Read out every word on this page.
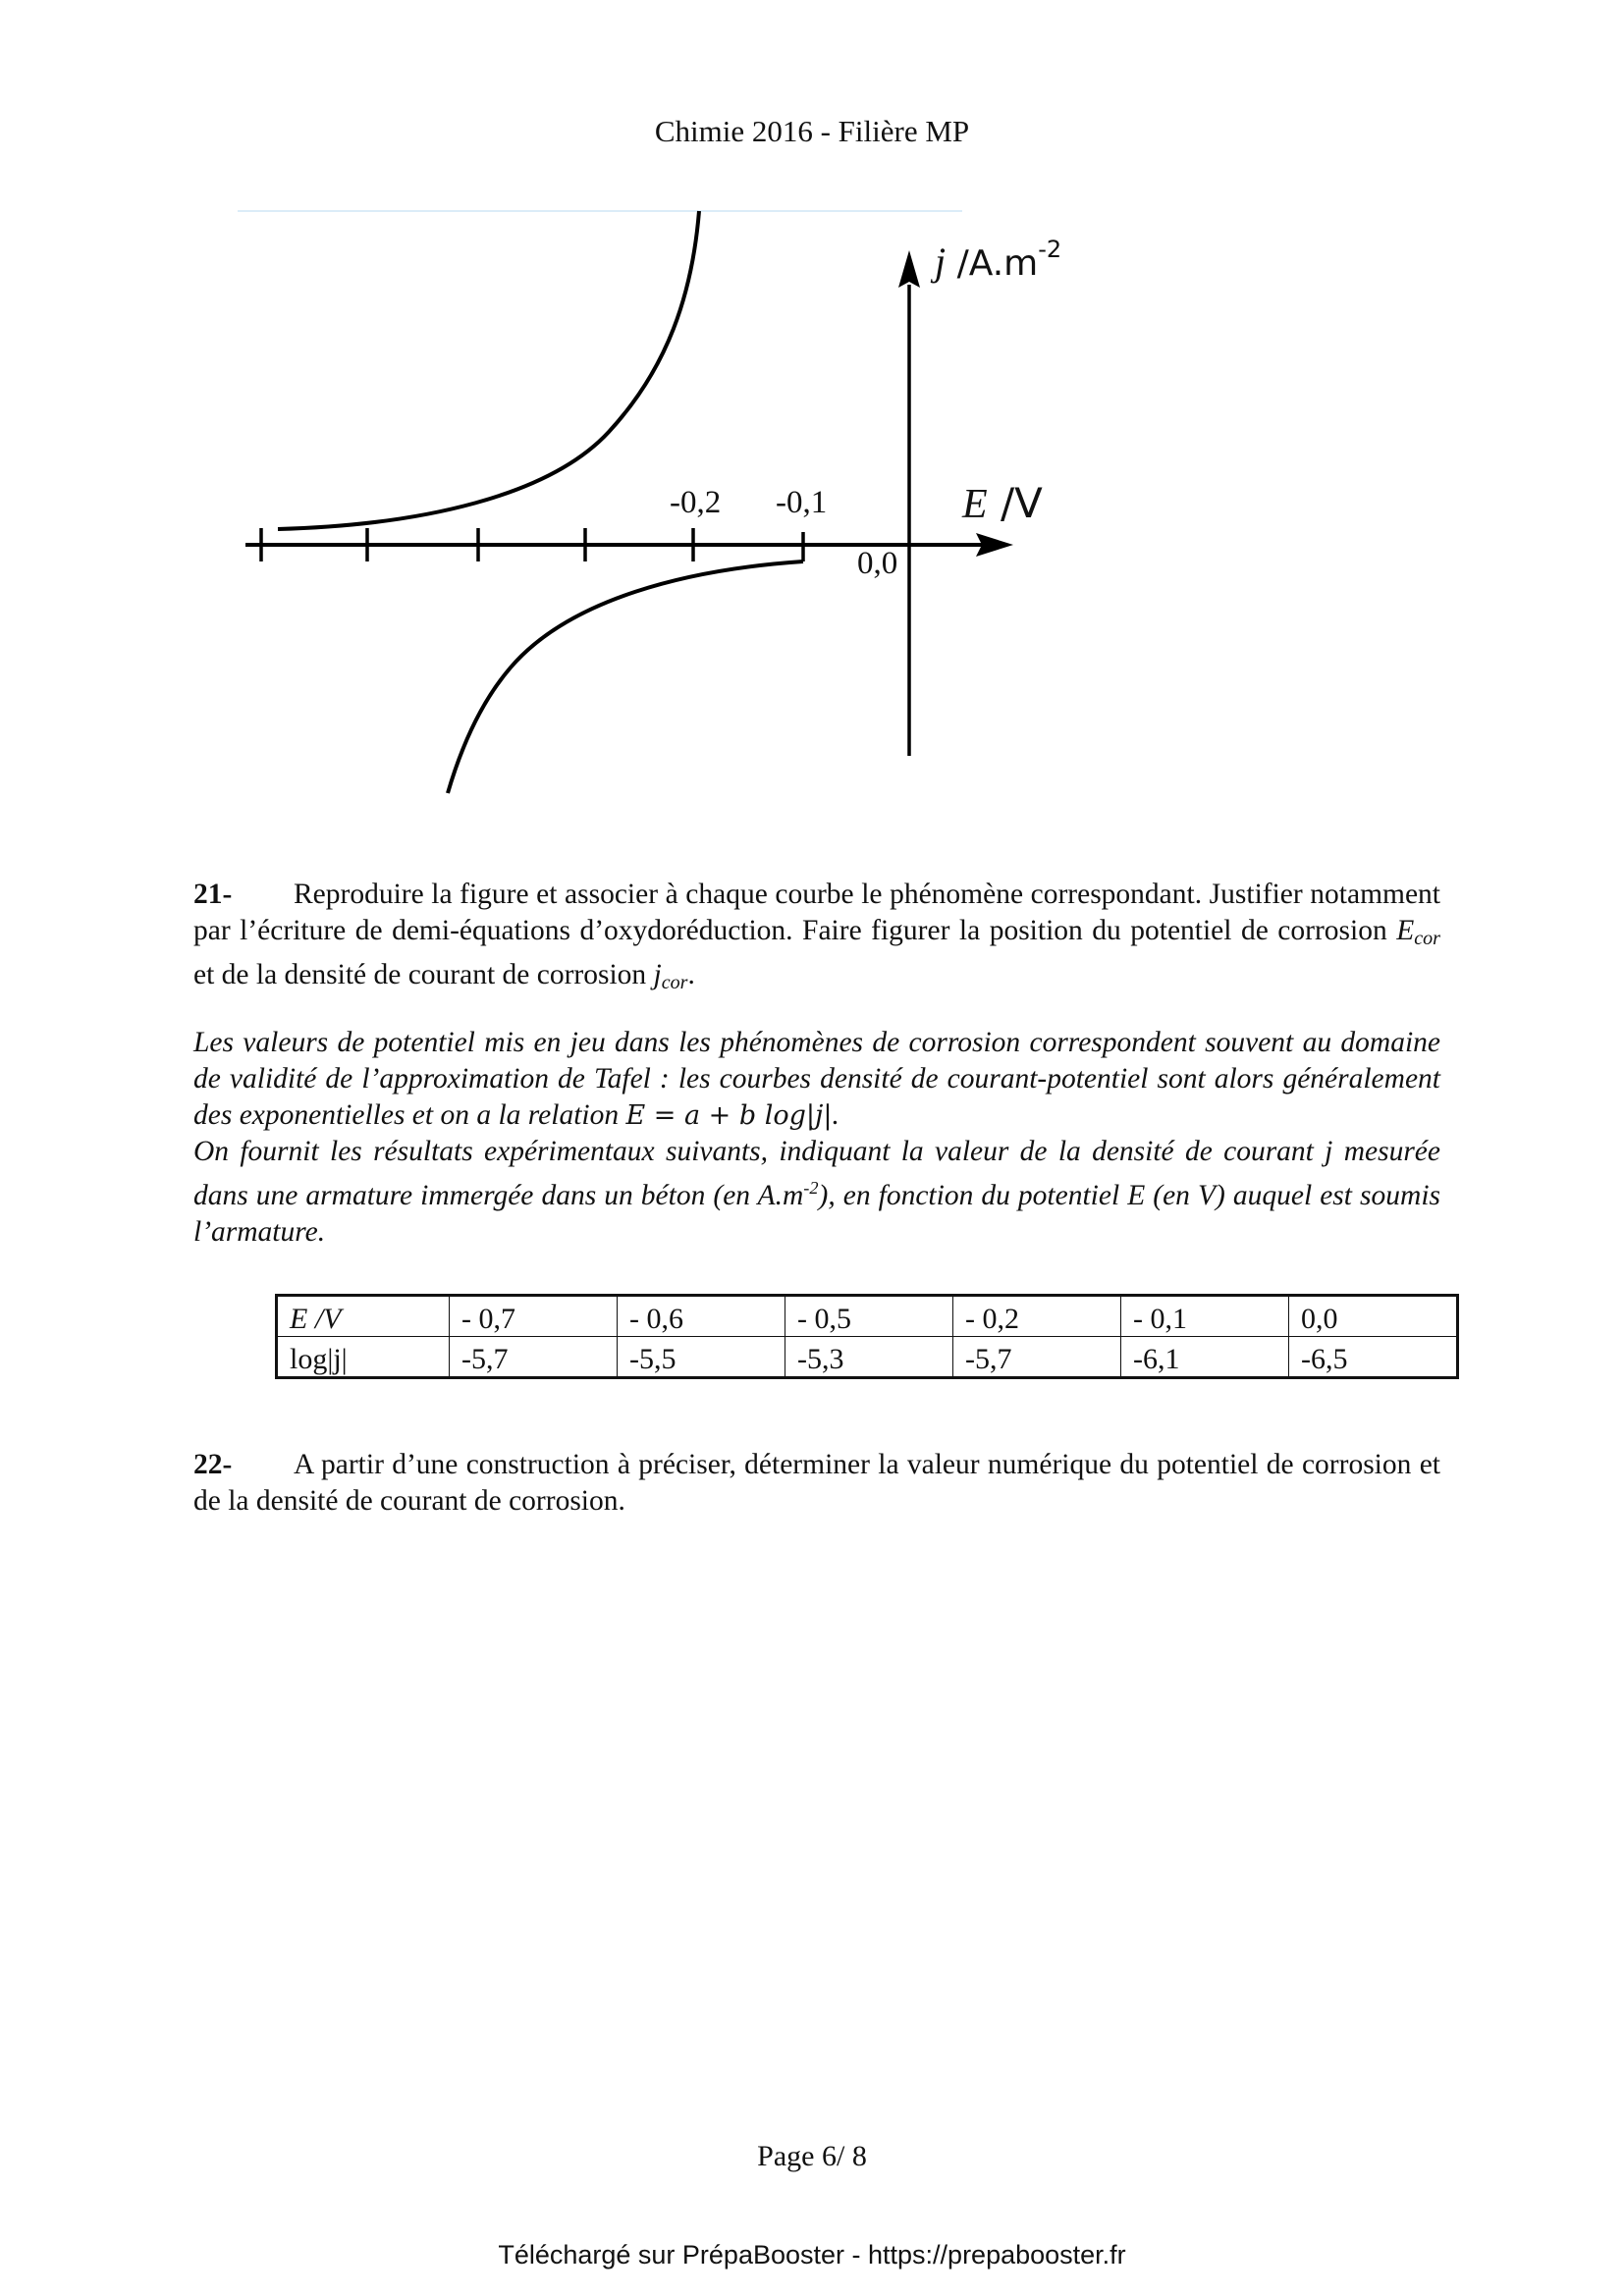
Chimie 2016 - Filière MP
-0,2 -0,1
0,0
E /V
j /A.m-2

21- Reproduire la figure et associer à chaque courbe le phénomène correspondant. Justifier notamment par l’écriture de demi-équations d’oxydoréduction. Faire figurer la position du potentiel de corrosion $E_{cor}$ et de la densité de courant de corrosion $j_{cor}$.

Les valeurs de potentiel mis en jeu dans les phénomènes de corrosion correspondent souvent au domaine de validité de l’approximation de Tafel : les courbes densité de courant-potentiel sont alors généralement des exponentielles et on a la relation E = a + b log|j|.

On fournit les résultats expérimentaux suivants, indiquant la valeur de la densité de courant j mesurée dans une armature immergée dans un béton (en $A.m^{-2}$), en fonction du potentiel E (en V) auquel est soumis l’armature.

E /V	- 0,7	- 0,6	- 0,5	- 0,2	- 0,1	0,0
log|j|	-5,7	-5,5	-5,3	-5,7	-6,1	-6,5

22- A partir d’une construction à préciser, déterminer la valeur numérique du potentiel de corrosion et de la densité de courant de corrosion.

Page 6/ 8
Téléchargé sur PrépaBooster - https://prepabooster.fr
